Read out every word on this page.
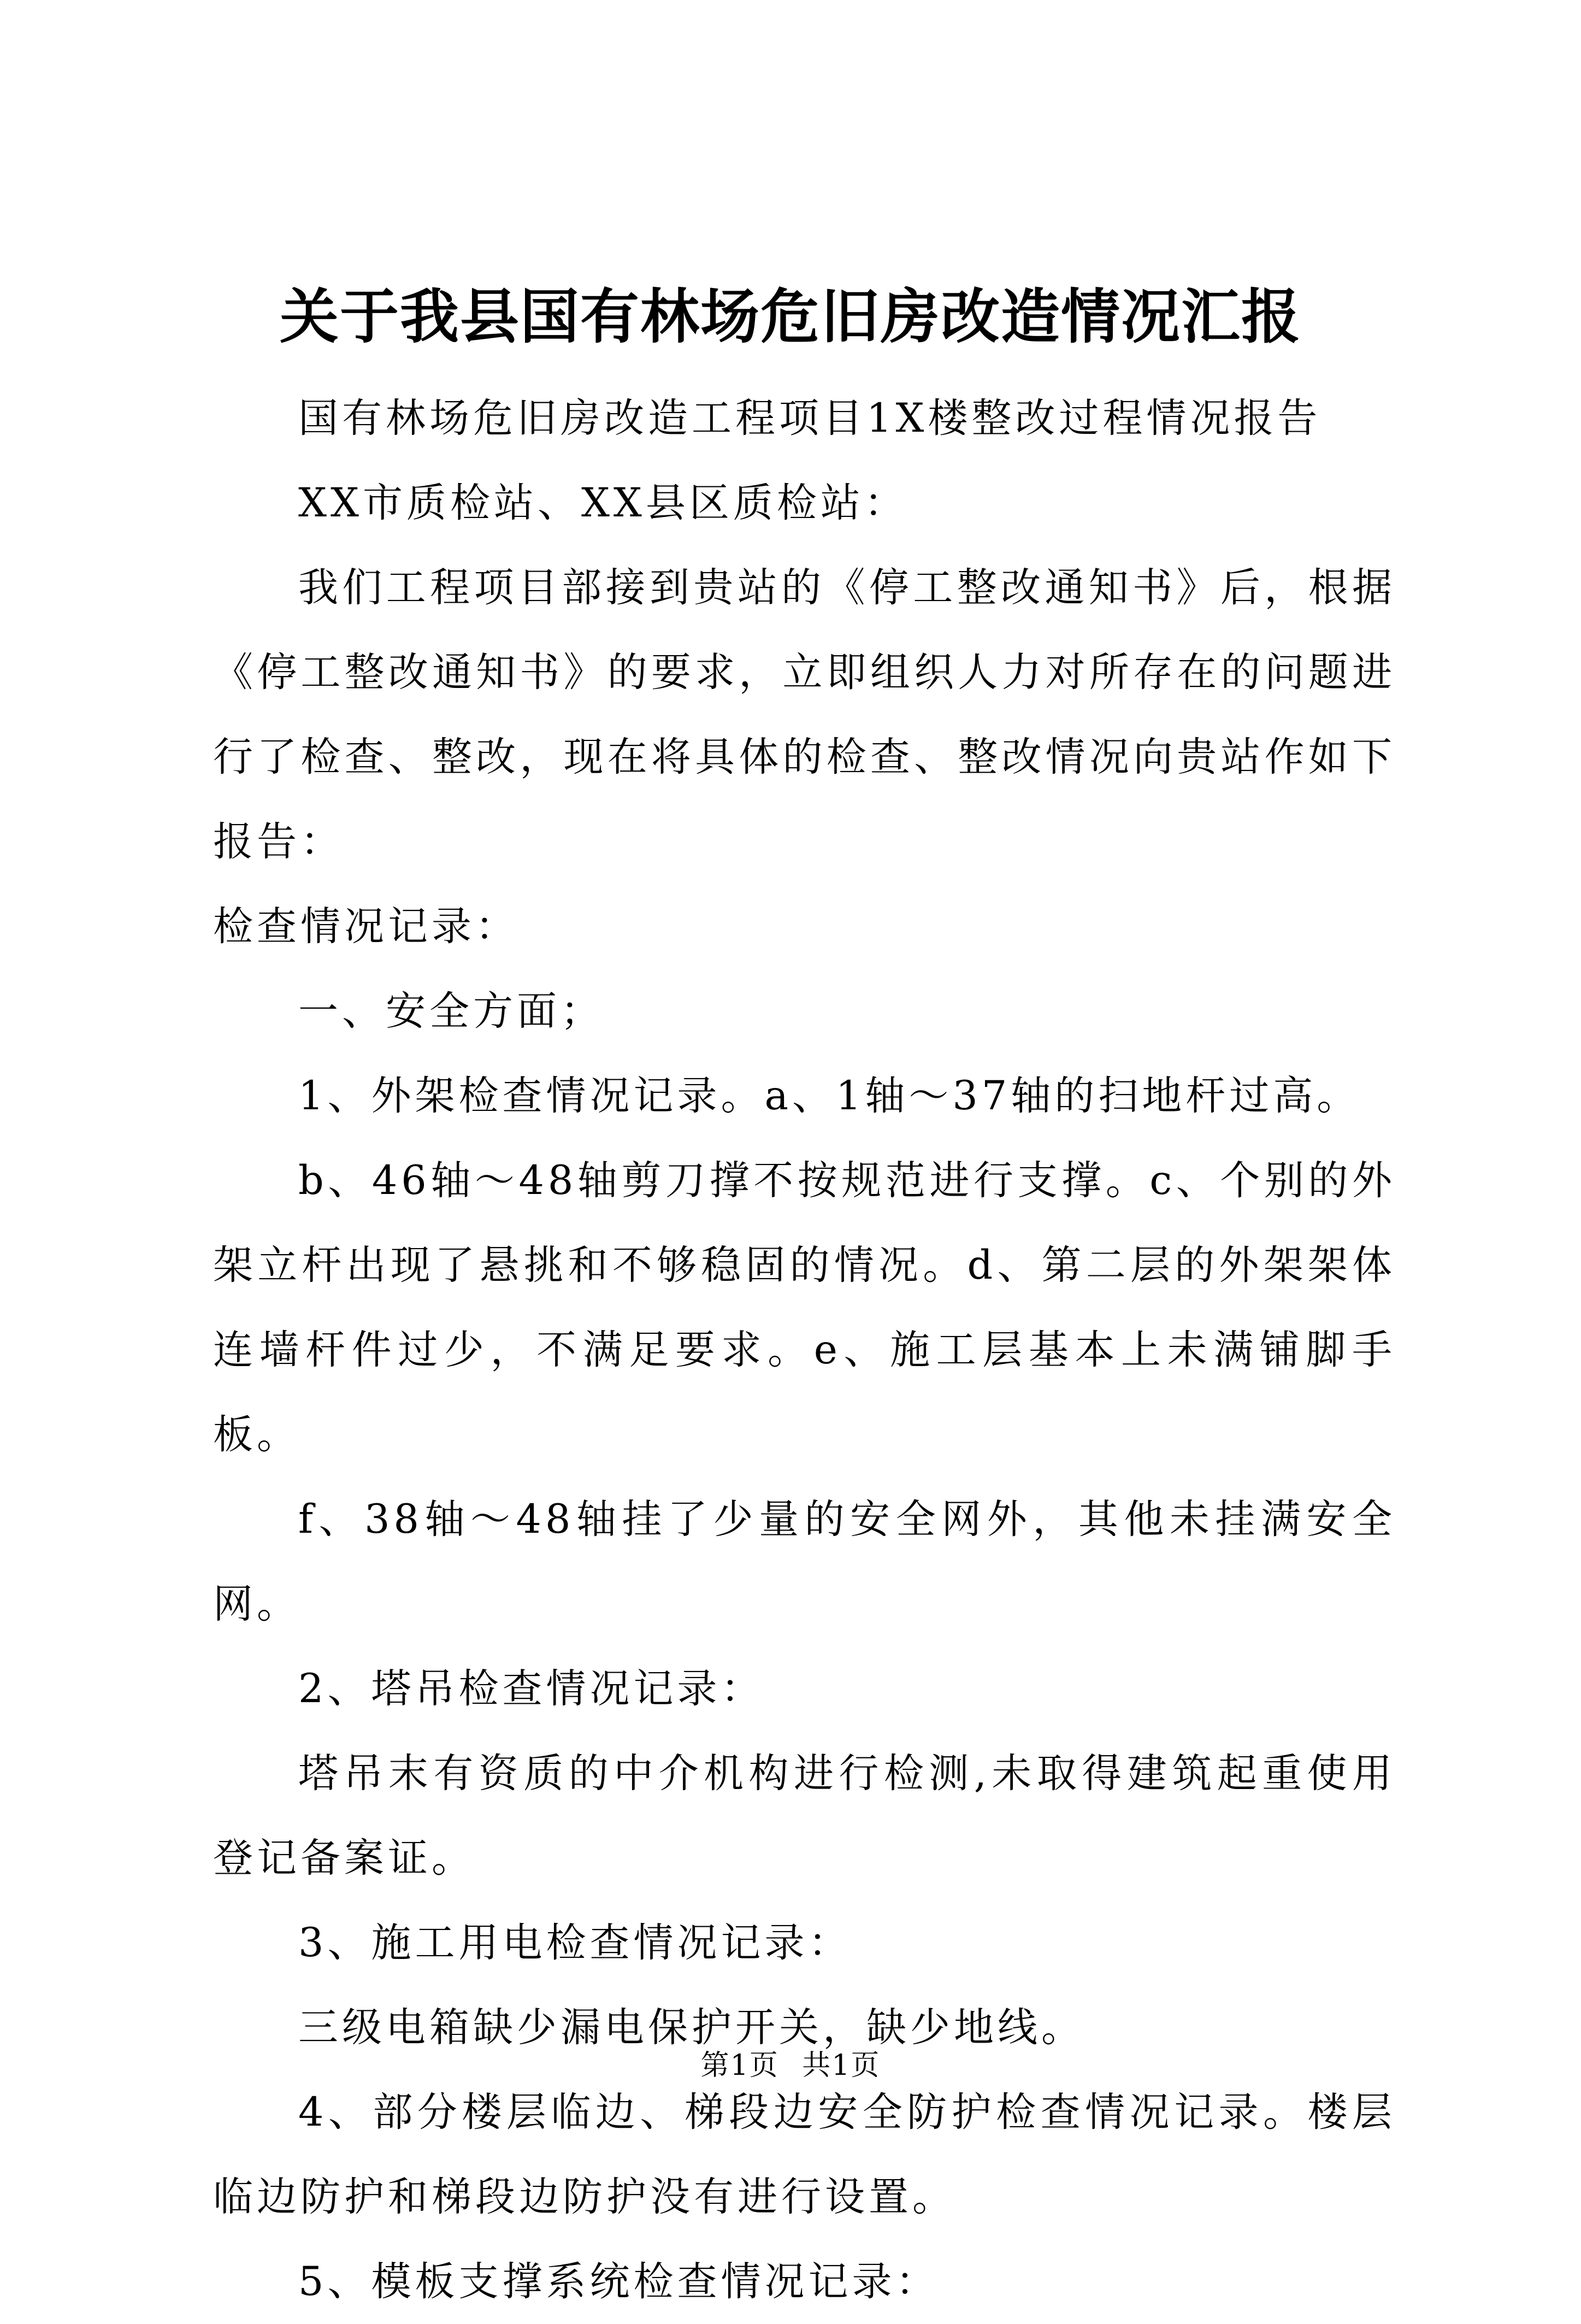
关于我县国有林场危旧房改造情况汇报

国有林场危旧房改造工程项目1X楼整改过程情况报告

XX市质检站、XX县区质检站：

我们工程项目部接到贵站的《停工整改通知书》后，根据《停工整改通知书》的要求，立即组织人力对所存在的问题进行了检查、整改，现在将具体的检查、整改情况向贵站作如下报告：

检查情况记录：

一、安全方面；

1、外架检查情况记录。a、1轴～37轴的扫地杆过高。

b、46轴～48轴剪刀撑不按规范进行支撑。c、个别的外架立杆出现了悬挑和不够稳固的情况。d、第二层的外架架体连墙杆件过少，不满足要求。e、施工层基本上未满铺脚手板。

f、38轴～48轴挂了少量的安全网外，其他未挂满安全网。

2、塔吊检查情况记录：

塔吊末有资质的中介机构进行检测,未取得建筑起重使用登记备案证。

3、施工用电检查情况记录：

三级电箱缺少漏电保护开关，缺少地线。

4、部分楼层临边、梯段边安全防护检查情况记录。楼层临边防护和梯段边防护没有进行设置。

5、模板支撑系统检查情况记录：

第1页 共1页
